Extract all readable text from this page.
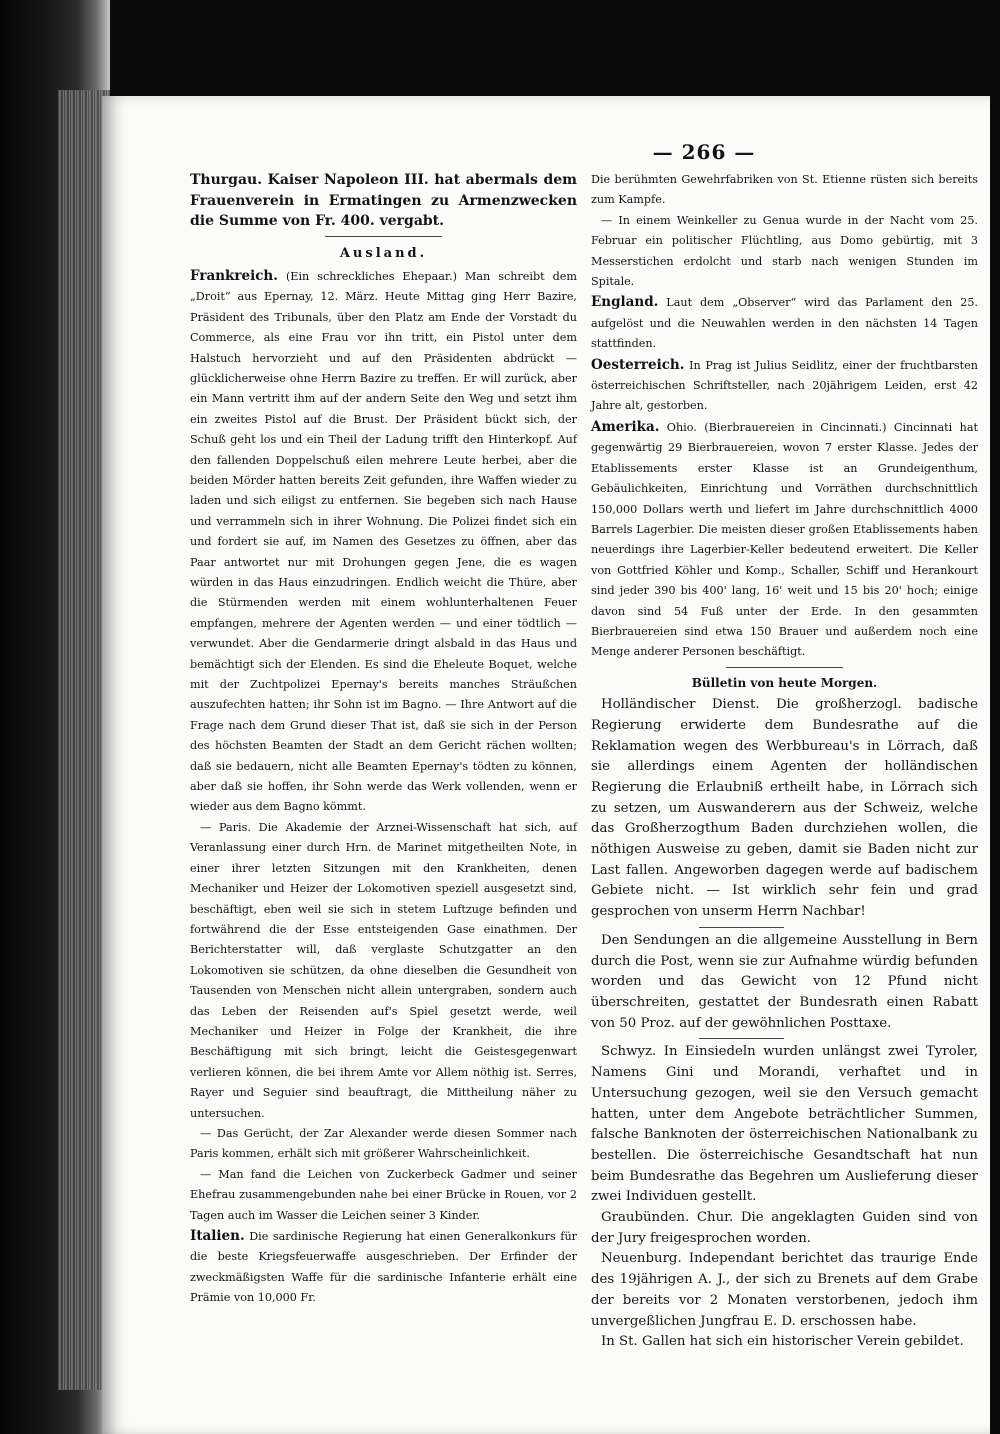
— 266 —

Thurgau. Kaiser Napoleon III. hat abermals dem Frauenverein in Ermatingen zu Armenzwecken die Summe von Fr. 400. vergabt.

Ausland.

Frankreich. (Ein schreckliches Ehepaar.) Man schreibt dem „Droit“ aus Epernay, 12. März. Heute Mittag ging Herr Bazire, Präsident des Tribunals, über den Platz am Ende der Vorstadt du Commerce, als eine Frau vor ihn tritt, ein Pistol unter dem Halstuch hervorzieht und auf den Präsidenten abdrückt — glücklicherweise ohne Herrn Bazire zu treffen. Er will zurück, aber ein Mann vertritt ihm auf der andern Seite den Weg und setzt ihm ein zweites Pistol auf die Brust. Der Präsident bückt sich, der Schuß geht los und ein Theil der Ladung trifft den Hinterkopf. Auf den fallenden Doppelschuß eilen mehrere Leute herbei, aber die beiden Mörder hatten bereits Zeit gefunden, ihre Waffen wieder zu laden und sich eiligst zu entfernen. Sie begeben sich nach Hause und verrammeln sich in ihrer Wohnung. Die Polizei findet sich ein und fordert sie auf, im Namen des Gesetzes zu öffnen, aber das Paar antwortet nur mit Drohungen gegen Jene, die es wagen würden in das Haus einzudringen. Endlich weicht die Thüre, aber die Stürmenden werden mit einem wohlunterhaltenen Feuer empfangen, mehrere der Agenten werden — und einer tödtlich — verwundet. Aber die Gendarmerie dringt alsbald in das Haus und bemächtigt sich der Elenden. Es sind die Eheleute Boquet, welche mit der Zuchtpolizei Epernay's bereits manches Sträußchen auszufechten hatten; ihr Sohn ist im Bagno. — Ihre Antwort auf die Frage nach dem Grund dieser That ist, daß sie sich in der Person des höchsten Beamten der Stadt an dem Gericht rächen wollten; daß sie bedauern, nicht alle Beamten Epernay's tödten zu können, aber daß sie hoffen, ihr Sohn werde das Werk vollenden, wenn er wieder aus dem Bagno kömmt.

— Paris. Die Akademie der Arznei-Wissenschaft hat sich, auf Veranlassung einer durch Hrn. de Marinet mitgetheilten Note, in einer ihrer letzten Sitzungen mit den Krankheiten, denen Mechaniker und Heizer der Lokomotiven speziell ausgesetzt sind, beschäftigt, eben weil sie sich in stetem Luftzuge befinden und fortwährend die der Esse entsteigenden Gase einathmen. Der Berichterstatter will, daß verglaste Schutzgatter an den Lokomotiven sie schützen, da ohne dieselben die Gesundheit von Tausenden von Menschen nicht allein untergraben, sondern auch das Leben der Reisenden auf's Spiel gesetzt werde, weil Mechaniker und Heizer in Folge der Krankheit, die ihre Beschäftigung mit sich bringt, leicht die Geistesgegenwart verlieren können, die bei ihrem Amte vor Allem nöthig ist. Serres, Rayer und Seguier sind beauftragt, die Mittheilung näher zu untersuchen.

— Das Gerücht, der Zar Alexander werde diesen Sommer nach Paris kommen, erhält sich mit größerer Wahrscheinlichkeit.

— Man fand die Leichen von Zuckerbeck Gadmer und seiner Ehefrau zusammengebunden nahe bei einer Brücke in Rouen, vor 2 Tagen auch im Wasser die Leichen seiner 3 Kinder.

Italien. Die sardinische Regierung hat einen Generalkonkurs für die beste Kriegsfeuerwaffe ausgeschrieben. Der Erfinder der zweckmäßigsten Waffe für die sardinische Infanterie erhält eine Prämie von 10,000 Fr.

Die berühmten Gewehrfabriken von St. Etienne rüsten sich bereits zum Kampfe.

— In einem Weinkeller zu Genua wurde in der Nacht vom 25. Februar ein politischer Flüchtling, aus Domo gebürtig, mit 3 Messerstichen erdolcht und starb nach wenigen Stunden im Spitale.

England. Laut dem „Observer“ wird das Parlament den 25. aufgelöst und die Neuwahlen werden in den nächsten 14 Tagen stattfinden.

Oesterreich. In Prag ist Julius Seidlitz, einer der fruchtbarsten österreichischen Schriftsteller, nach 20jährigem Leiden, erst 42 Jahre alt, gestorben.

Amerika. Ohio. (Bierbrauereien in Cincinnati.) Cincinnati hat gegenwärtig 29 Bierbrauereien, wovon 7 erster Klasse. Jedes der Etablissements erster Klasse ist an Grundeigenthum, Gebäulichkeiten, Einrichtung und Vorräthen durchschnittlich 150,000 Dollars werth und liefert im Jahre durchschnittlich 4000 Barrels Lagerbier. Die meisten dieser großen Etablissements haben neuerdings ihre Lagerbier-Keller bedeutend erweitert. Die Keller von Gottfried Köhler und Komp., Schaller, Schiff und Herankourt sind jeder 390 bis 400' lang, 16' weit und 15 bis 20' hoch; einige davon sind 54 Fuß unter der Erde. In den gesammten Bierbrauereien sind etwa 150 Brauer und außerdem noch eine Menge anderer Personen beschäftigt.

Bülletin von heute Morgen.

Holländischer Dienst. Die großherzogl. badische Regierung erwiderte dem Bundesrathe auf die Reklamation wegen des Werbbureau's in Lörrach, daß sie allerdings einem Agenten der holländischen Regierung die Erlaubniß ertheilt habe, in Lörrach sich zu setzen, um Auswanderern aus der Schweiz, welche das Großherzogthum Baden durchziehen wollen, die nöthigen Ausweise zu geben, damit sie Baden nicht zur Last fallen. Angeworben dagegen werde auf badischem Gebiete nicht. — Ist wirklich sehr fein und grad gesprochen von unserm Herrn Nachbar!

Den Sendungen an die allgemeine Ausstellung in Bern durch die Post, wenn sie zur Aufnahme würdig befunden worden und das Gewicht von 12 Pfund nicht überschreiten, gestattet der Bundesrath einen Rabatt von 50 Proz. auf der gewöhnlichen Posttaxe.

Schwyz. In Einsiedeln wurden unlängst zwei Tyroler, Namens Gini und Morandi, verhaftet und in Untersuchung gezogen, weil sie den Versuch gemacht hatten, unter dem Angebote beträchtlicher Summen, falsche Banknoten der österreichischen Nationalbank zu bestellen. Die österreichische Gesandtschaft hat nun beim Bundesrathe das Begehren um Auslieferung dieser zwei Individuen gestellt.

Graubünden. Chur. Die angeklagten Guiden sind von der Jury freigesprochen worden.

Neuenburg. Independant berichtet das traurige Ende des 19jährigen A. J., der sich zu Brenets auf dem Grabe der bereits vor 2 Monaten verstorbenen, jedoch ihm unvergeßlichen Jungfrau E. D. erschossen habe.

In St. Gallen hat sich ein historischer Verein gebildet.
